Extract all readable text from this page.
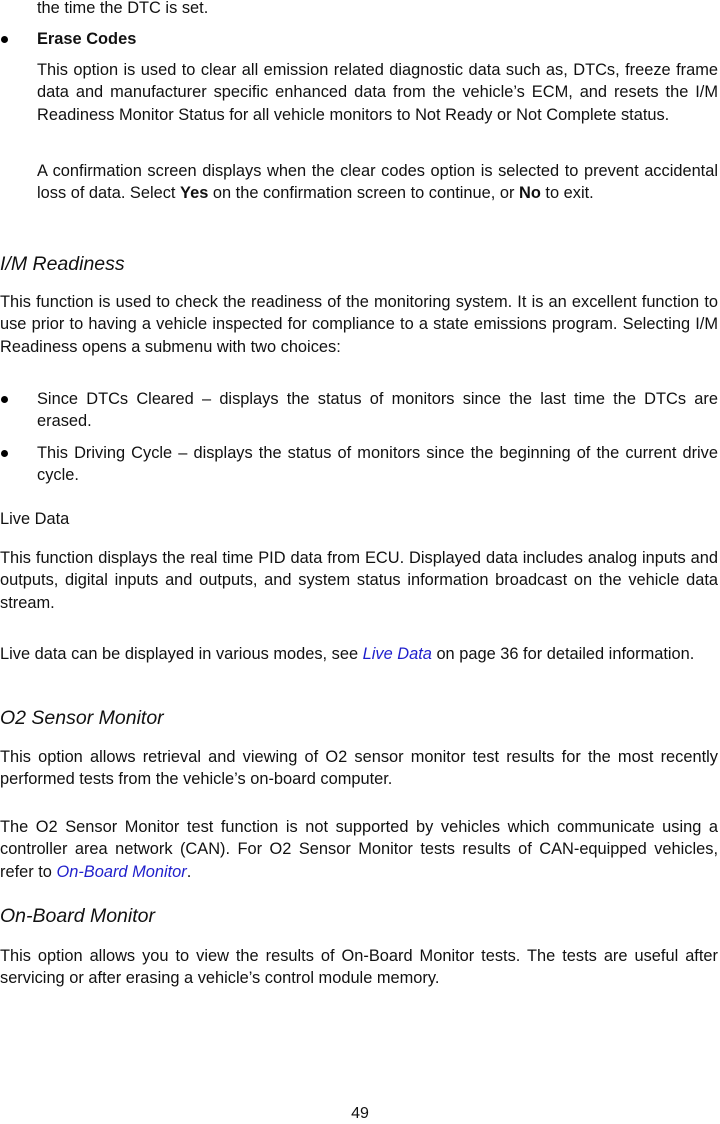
the time the DTC is set.

Erase Codes

This option is used to clear all emission related diagnostic data such as, DTCs, freeze frame data and manufacturer specific enhanced data from the vehicle’s ECM, and resets the I/M Readiness Monitor Status for all vehicle monitors to Not Ready or Not Complete status.

A confirmation screen displays when the clear codes option is selected to prevent accidental loss of data. Select Yes on the confirmation screen to continue, or No to exit.

I/M Readiness

This function is used to check the readiness of the monitoring system. It is an excellent function to use prior to having a vehicle inspected for compliance to a state emissions program. Selecting I/M Readiness opens a submenu with two choices:

Since DTCs Cleared – displays the status of monitors since the last time the DTCs are erased.
This Driving Cycle – displays the status of monitors since the beginning of the current drive cycle.
Live Data

This function displays the real time PID data from ECU. Displayed data includes analog inputs and outputs, digital inputs and outputs, and system status information broadcast on the vehicle data stream.

Live data can be displayed in various modes, see Live Data on page 36 for detailed information.

O2 Sensor Monitor

This option allows retrieval and viewing of O2 sensor monitor test results for the most recently performed tests from the vehicle’s on-board computer.

The O2 Sensor Monitor test function is not supported by vehicles which communicate using a controller area network (CAN). For O2 Sensor Monitor tests results of CAN-equipped vehicles, refer to On-Board Monitor.

On-Board Monitor

This option allows you to view the results of On-Board Monitor tests. The tests are useful after servicing or after erasing a vehicle’s control module memory.

49
